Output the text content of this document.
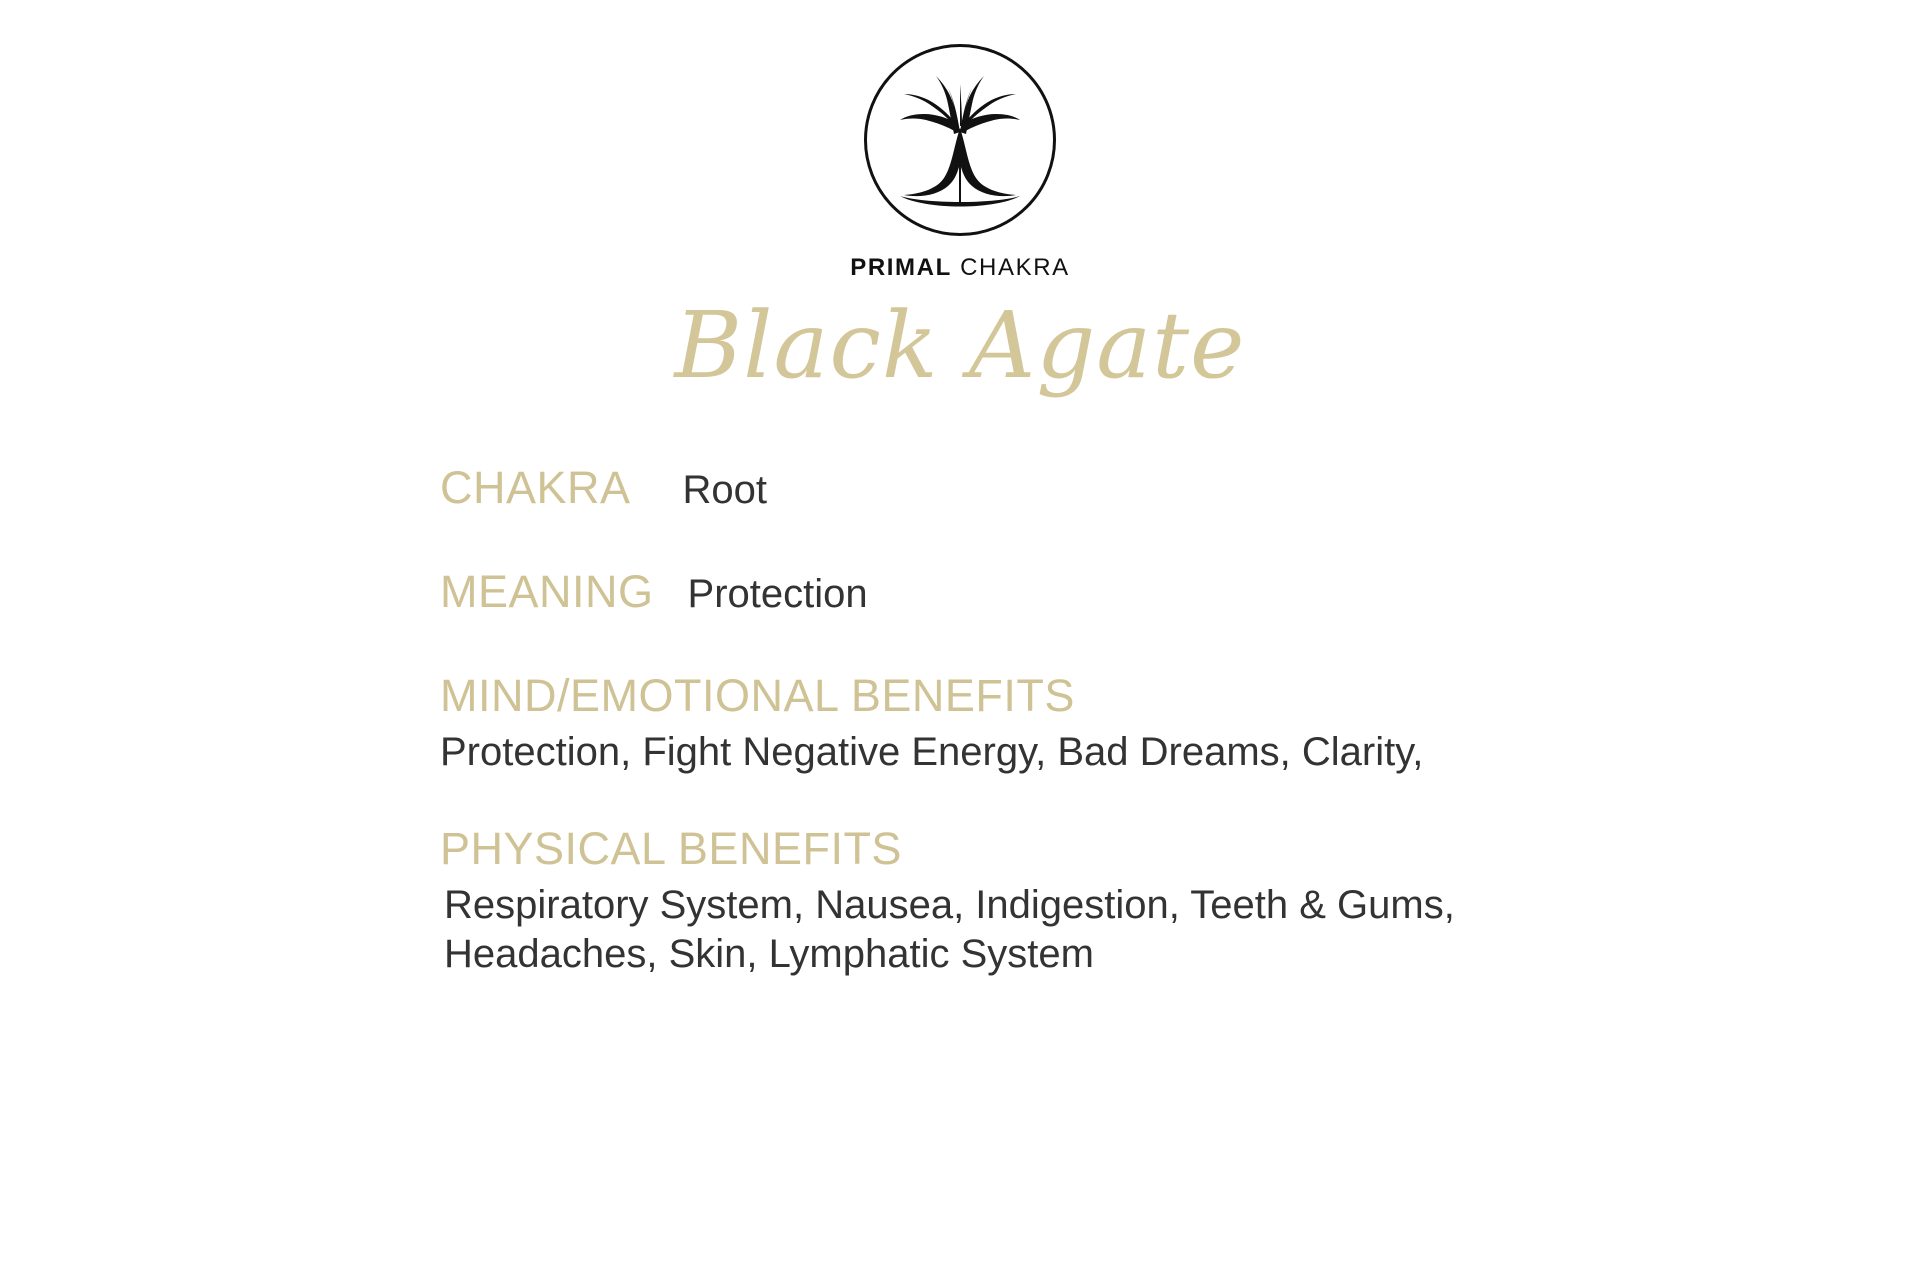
PRIMAL CHAKRA
Black Agate
CHAKRA Root
MEANING Protection
MIND/EMOTIONAL BENEFITS
Protection, Fight Negative Energy, Bad Dreams, Clarity,
PHYSICAL BENEFITS
Respiratory System, Nausea, Indigestion, Teeth & Gums, Headaches, Skin, Lymphatic System
